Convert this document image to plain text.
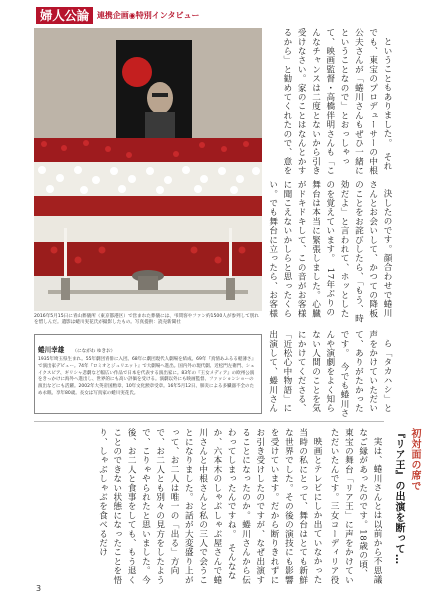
婦人公論	連携企画◉特別インタビュー
2016年5月15日に青山葬儀所（東京都港区）で営まれた葬儀には、弔問客やファン約1500人が参列して別れを惜しんだ。遺影は蜷川実花氏が撮影したもの。写真提供：読売新聞社
蜷川幸雄 （にながわ ゆきお）
1935年埼玉県生まれ。55年劇団青俳に入団。68年に劇団現代人劇場を結成。69年『真情あふるる軽薄さ』で演出家デビュー。74年『ロミオとジュリエット』で大劇場へ進出。国内外の現代劇、近松門左衛門、シェイクスピア、ギリシャ悲劇など幅広い作品で日本を代表する演出家に。83年の『王女メディア』の欧州公演をきっかけに海外へ進出し、世界的にも高い評価を受ける。演劇以外にも映画監督、ファッションショーの演出などにも活躍。2002年大英帝国勲章、10年文化勲章受章。16年5月12日、肺炎による多臓器不全のため永眠。享年80歳。長女は写真家の蜷川実花氏。

ということもありました。　それでも、東宝のプロデューサーの中根公夫さんが「蜷川さんもぜひ一緒にということなので」とおっしゃって、映画監督・高橋伴明さんも「こんなチャンスは二度とないから引き受けなさい。家のことはなんとかするから」と勧めてくれたので、意を

決したのです。顔合わせで蜷川さんとお会いして、かつての降板のことをお詫びしたら、「もう、時効だよ」と言われて、ホッとしたのを覚えています。　17年ぶりの舞台は本当に緊張しました。心臓がドキドキして、この音がお客様に聞こえないかしらと思ったくらい。でも舞台に立ったら、お客様

ら「タカハシ」と声をかけていただいて、ありがたかったです。　今でも蜷川さんや演劇をよく知らない人間のことを気にかけてくださる、「近松心中物語」に出演して、蜷川さん

初対面の席で
『リア王』の出演を断って…

実は、蜷川さんとは以前から不思議なご縁があったのです。18歳の頃、東宝の舞台「リア王」に声をかけていただいたんです。三女コーディリア役

映画とテレビにしか出ていなかった当時の私にとって、舞台はとても新鮮な世界でした。その後の演技にも影響を受けています。だから断りきれずにお引き受けしたのですが、なぜ出演することになったのか。蜷川さんから伝わってしまったんですね。　そんななか、六本木のしゃぶしゃぶ屋さんで蜷川さんと中根さんと私の三人で会うことになりました。お話が大変盛り上がって、お二人は唯一の「出る」方向で、お二人とも別々の見方をしたようで、こりゃやられたと思いました。今後、お二人と食事をしても、もう退くことのできない状態になったことを悟り、しゃぶしゃぶを食べるだけ

3
